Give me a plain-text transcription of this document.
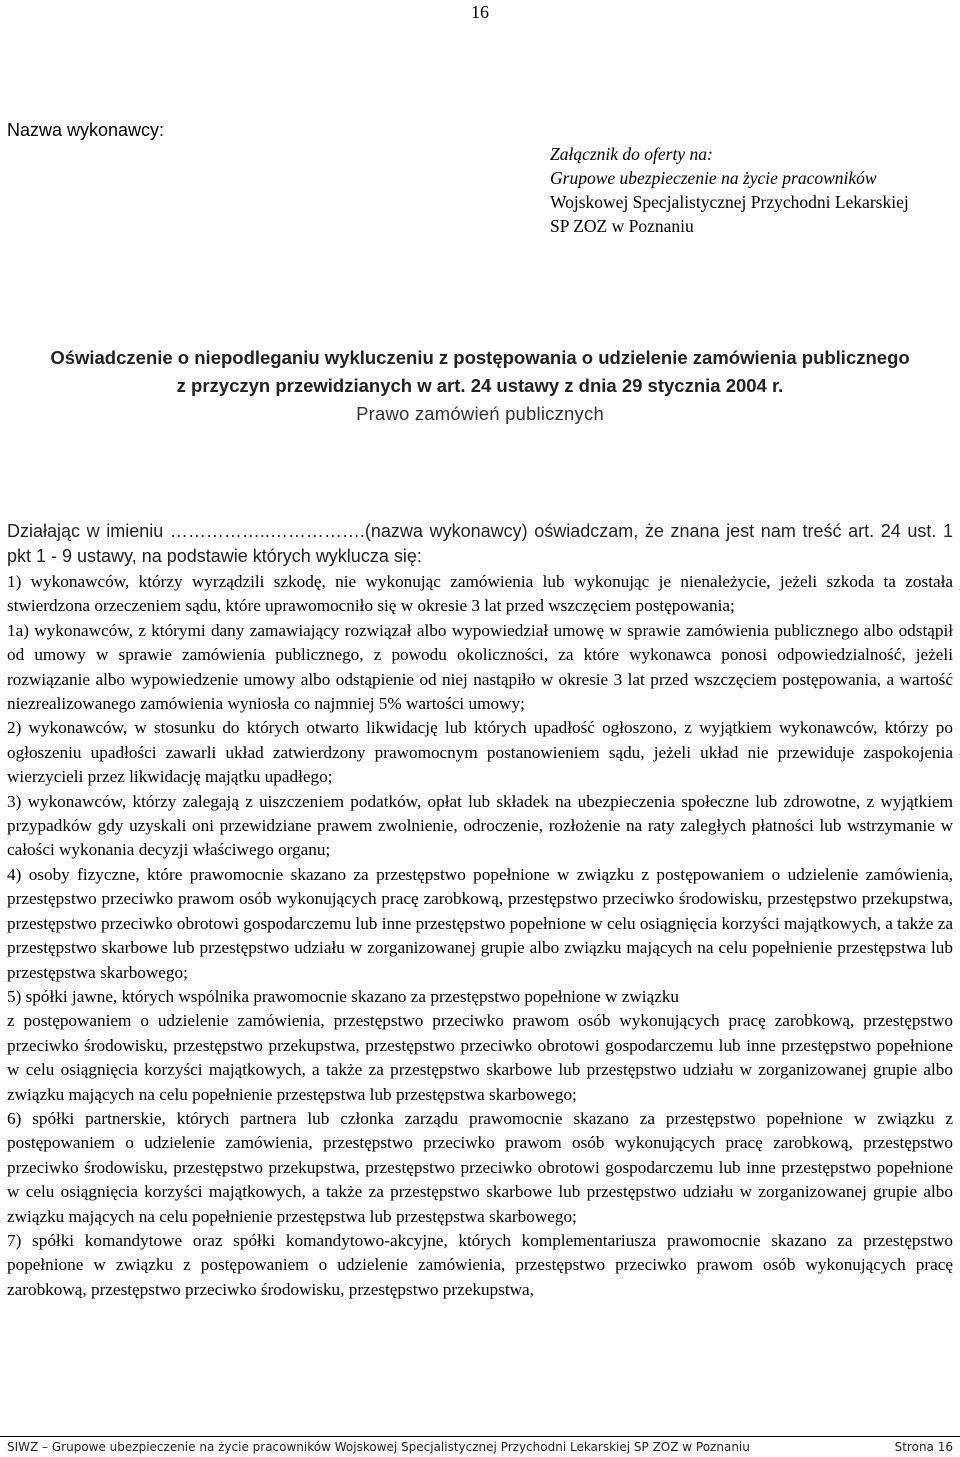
16
Nazwa wykonawcy:
Załącznik do oferty na:
Grupowe ubezpieczenie na życie pracowników
Wojskowej Specjalistycznej Przychodni Lekarskiej
SP ZOZ w Poznaniu
Oświadczenie o niepodleganiu wykluczeniu z postępowania o udzielenie zamówienia publicznego
z przyczyn przewidzianych w art. 24 ustawy z dnia 29 stycznia 2004 r.
Prawo zamówień publicznych
Działając w imieniu ……………..…………….(nazwa wykonawcy) oświadczam, że znana jest nam treść art. 24 ust. 1 pkt 1 - 9 ustawy, na podstawie których wyklucza się:

1) wykonawców, którzy wyrządzili szkodę, nie wykonując zamówienia lub wykonując je nienależycie, jeżeli szkoda ta została stwierdzona orzeczeniem sądu, które uprawomocniło się w okresie 3 lat przed wszczęciem postępowania;

1a) wykonawców, z którymi dany zamawiający rozwiązał albo wypowiedział umowę w sprawie zamówienia publicznego albo odstąpił od umowy w sprawie zamówienia publicznego, z powodu okoliczności, za które wykonawca ponosi odpowiedzialność, jeżeli rozwiązanie albo wypowiedzenie umowy albo odstąpienie od niej nastąpiło w okresie 3 lat przed wszczęciem postępowania, a wartość niezrealizowanego zamówienia wyniosła co najmniej 5% wartości umowy;

2) wykonawców, w stosunku do których otwarto likwidację lub których upadłość ogłoszono, z wyjątkiem wykonawców, którzy po ogłoszeniu upadłości zawarli układ zatwierdzony prawomocnym postanowieniem sądu, jeżeli układ nie przewiduje zaspokojenia wierzycieli przez likwidację majątku upadłego;

3) wykonawców, którzy zalegają z uiszczeniem podatków, opłat lub składek na ubezpieczenia społeczne lub zdrowotne, z wyjątkiem przypadków gdy uzyskali oni przewidziane prawem zwolnienie, odroczenie, rozłożenie na raty zaległych płatności lub wstrzymanie w całości wykonania decyzji właściwego organu;

4) osoby fizyczne, które prawomocnie skazano za przestępstwo popełnione w związku z postępowaniem o udzielenie zamówienia, przestępstwo przeciwko prawom osób wykonujących pracę zarobkową, przestępstwo przeciwko środowisku, przestępstwo przekupstwa, przestępstwo przeciwko obrotowi gospodarczemu lub inne przestępstwo popełnione w celu osiągnięcia korzyści majątkowych, a także za przestępstwo skarbowe lub przestępstwo udziału w zorganizowanej grupie albo związku mających na celu popełnienie przestępstwa lub przestępstwa skarbowego;

5) spółki jawne, których wspólnika prawomocnie skazano za przestępstwo popełnione w związku

z postępowaniem o udzielenie zamówienia, przestępstwo przeciwko prawom osób wykonujących pracę zarobkową, przestępstwo przeciwko środowisku, przestępstwo przekupstwa, przestępstwo przeciwko obrotowi gospodarczemu lub inne przestępstwo popełnione w celu osiągnięcia korzyści majątkowych, a także za przestępstwo skarbowe lub przestępstwo udziału w zorganizowanej grupie albo związku mających na celu popełnienie przestępstwa lub przestępstwa skarbowego;

6) spółki partnerskie, których partnera lub członka zarządu prawomocnie skazano za przestępstwo popełnione w związku z postępowaniem o udzielenie zamówienia, przestępstwo przeciwko prawom osób wykonujących pracę zarobkową, przestępstwo przeciwko środowisku, przestępstwo przekupstwa, przestępstwo przeciwko obrotowi gospodarczemu lub inne przestępstwo popełnione w celu osiągnięcia korzyści majątkowych, a także za przestępstwo skarbowe lub przestępstwo udziału w zorganizowanej grupie albo związku mających na celu popełnienie przestępstwa lub przestępstwa skarbowego;

7) spółki komandytowe oraz spółki komandytowo-akcyjne, których komplementariusza prawomocnie skazano za przestępstwo popełnione w związku z postępowaniem o udzielenie zamówienia, przestępstwo przeciwko prawom osób wykonujących pracę zarobkową, przestępstwo przeciwko środowisku, przestępstwo przekupstwa,

SIWZ – Grupowe ubezpieczenie na życie pracowników Wojskowej Specjalistycznej Przychodni Lekarskiej SP ZOZ w Poznaniu	Strona 16
